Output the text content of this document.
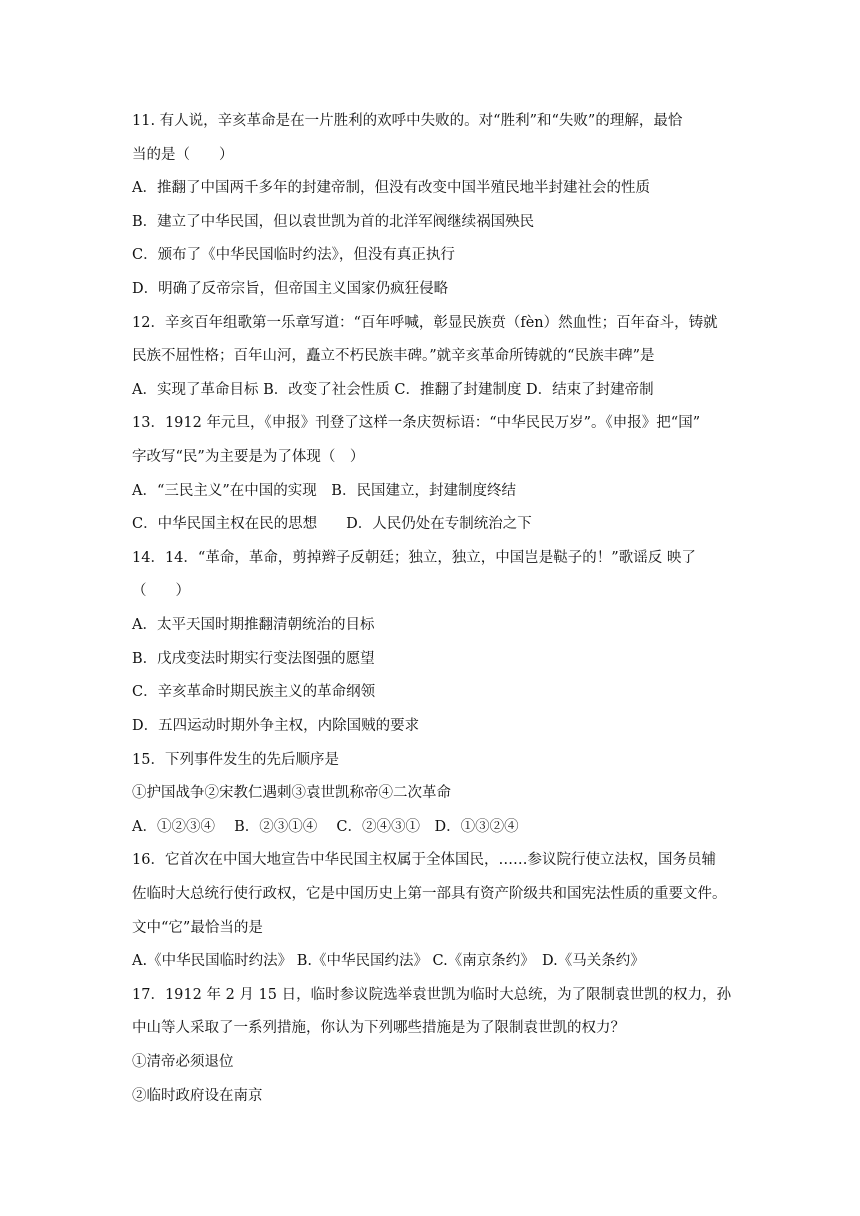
11. 有人说，辛亥革命是在一片胜利的欢呼中失败的。对“胜利”和“失败”的理解，最恰
当的是（　　）
A．推翻了中国两千多年的封建帝制，但没有改变中国半殖民地半封建社会的性质
B．建立了中华民国，但以袁世凯为首的北洋军阀继续祸国殃民
C．颁布了《中华民国临时约法》，但没有真正执行
D．明确了反帝宗旨，但帝国主义国家仍疯狂侵略
12．辛亥百年组歌第一乐章写道：“百年呼喊，彰显民族贲（fèn）然血性；百年奋斗，铸就
民族不屈性格；百年山河，矗立不朽民族丰碑。”就辛亥革命所铸就的“民族丰碑”是
A．实现了革命目标 B．改变了社会性质 C．推翻了封建制度 D．结束了封建帝制
13．1912 年元旦，《申报》刊登了这样一条庆贺标语：“中华民民万岁”。《申报》把“国”
字改写“民”为主要是为了体现（　）
A．“三民主义”在中国的实现　B．民国建立，封建制度终结
C．中华民国主权在民的思想　　D．人民仍处在专制统治之下
14．14．“革命，革命，剪掉辫子反朝廷；独立，独立，中国岂是鞑子的！”歌谣反 映了
（　　）
A．太平天国时期推翻清朝统治的目标
B．戊戌变法时期实行变法图强的愿望
C．辛亥革命时期民族主义的革命纲领
D．五四运动时期外争主权，内除国贼的要求
15．下列事件发生的先后顺序是
①护国战争②宋教仁遇刺③袁世凯称帝④二次革命
A．①②③④　 B．②③①④　 C．②④③①　D．①③②④
16．它首次在中国大地宣告中华民国主权属于全体国民，……参议院行使立法权，国务员辅
佐临时大总统行使行政权，它是中国历史上第一部具有资产阶级共和国宪法性质的重要文件。
文中“它”最恰当的是
A.《中华民国临时约法》 B.《中华民国约法》 C.《南京条约》　D.《马关条约》
17．1912 年 2 月 15 日，临时参议院选举袁世凯为临时大总统，为了限制袁世凯的权力，孙
中山等人采取了一系列措施，你认为下列哪些措施是为了限制袁世凯的权力？
①清帝必须退位
②临时政府设在南京
